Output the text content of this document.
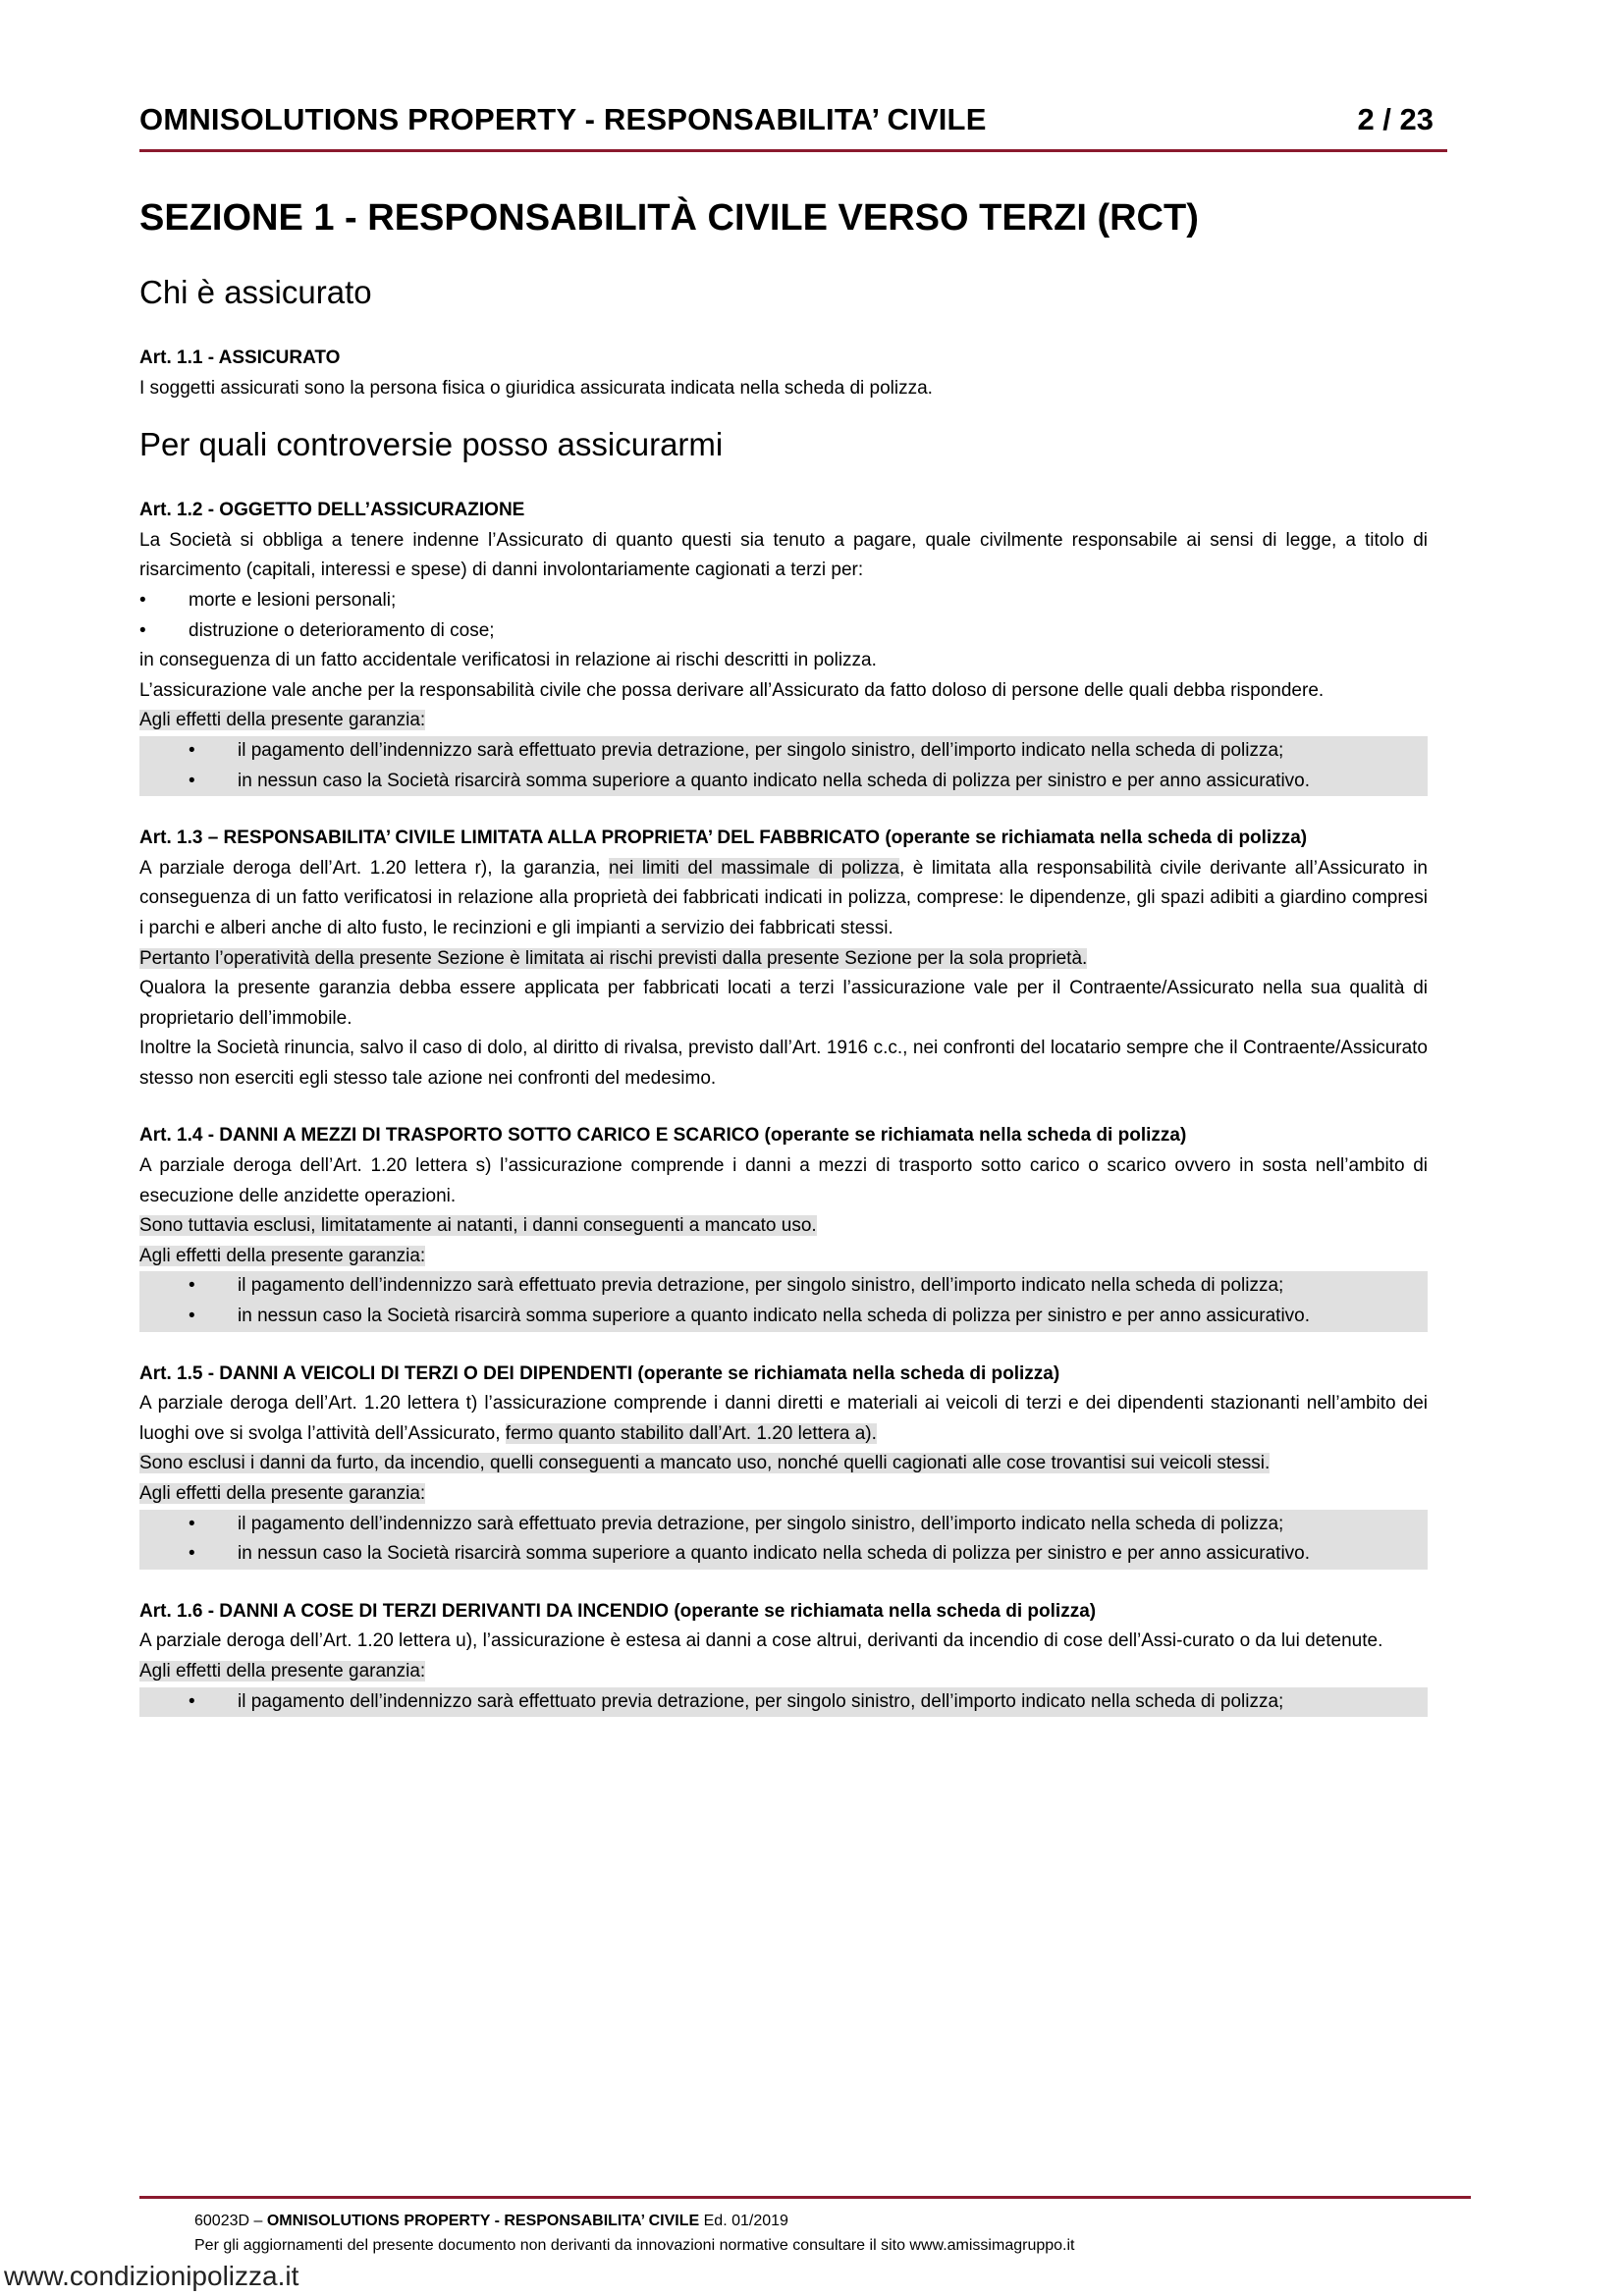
OMNISOLUTIONS PROPERTY - RESPONSABILITA’ CIVILE	2 / 23
SEZIONE 1 - RESPONSABILITÀ CIVILE VERSO TERZI (RCT)
Chi è assicurato
Art. 1.1 - ASSICURATO

I soggetti assicurati sono la persona fisica o giuridica assicurata indicata nella scheda di polizza.

Per quali controversie posso assicurarmi
Art. 1.2 - OGGETTO DELL’ASSICURAZIONE

La Società si obbliga a tenere indenne l’Assicurato di quanto questi sia tenuto a pagare, quale civilmente responsabile ai sensi di legge, a titolo di risarcimento (capitali, interessi e spese) di danni involontariamente cagionati a terzi per:

• morte e lesioni personali;
• distruzione o deterioramento di cose;

in conseguenza di un fatto accidentale verificatosi in relazione ai rischi descritti in polizza.

L’assicurazione vale anche per la responsabilità civile che possa derivare all’Assicurato da fatto doloso di persone delle quali debba rispondere.

Agli effetti della presente garanzia:

• il pagamento dell’indennizzo sarà effettuato previa detrazione, per singolo sinistro, dell’importo indicato nella scheda di polizza;
• in nessun caso la Società risarcirà somma superiore a quanto indicato nella scheda di polizza per sinistro e per anno assicurativo.
Art. 1.3 – RESPONSABILITA’ CIVILE LIMITATA ALLA PROPRIETA’ DEL FABBRICATO (operante se richiamata nella scheda di polizza)

A parziale deroga dell’Art. 1.20 lettera r), la garanzia, nei limiti del massimale di polizza, è limitata alla responsabilità civile derivante all’Assicurato in conseguenza di un fatto verificatosi in relazione alla proprietà dei fabbricati indicati in polizza, comprese: le dipendenze, gli spazi adibiti a giardino compresi i parchi e alberi anche di alto fusto, le recinzioni e gli impianti a servizio dei fabbricati stessi.

Pertanto l’operatività della presente Sezione è limitata ai rischi previsti dalla presente Sezione per la sola proprietà.

Qualora la presente garanzia debba essere applicata per fabbricati locati a terzi l’assicurazione vale per il Contraente/Assicurato nella sua qualità di proprietario dell’immobile.

Inoltre la Società rinuncia, salvo il caso di dolo, al diritto di rivalsa, previsto dall’Art. 1916 c.c., nei confronti del locatario sempre che il Contraente/Assicurato stesso non eserciti egli stesso tale azione nei confronti del medesimo.

Art. 1.4 - DANNI A MEZZI DI TRASPORTO SOTTO CARICO E SCARICO (operante se richiamata nella scheda di polizza)

A parziale deroga dell’Art. 1.20 lettera s) l’assicurazione comprende i danni a mezzi di trasporto sotto carico o scarico ovvero in sosta nell’ambito di esecuzione delle anzidette operazioni.

Sono tuttavia esclusi, limitatamente ai natanti, i danni conseguenti a mancato uso.

Agli effetti della presente garanzia:

• il pagamento dell’indennizzo sarà effettuato previa detrazione, per singolo sinistro, dell’importo indicato nella scheda di polizza;
• in nessun caso la Società risarcirà somma superiore a quanto indicato nella scheda di polizza per sinistro e per anno assicurativo.
Art. 1.5 - DANNI A VEICOLI DI TERZI O DEI DIPENDENTI (operante se richiamata nella scheda di polizza)

A parziale deroga dell’Art. 1.20 lettera t) l’assicurazione comprende i danni diretti e materiali ai veicoli di terzi e dei dipendenti stazionanti nell’ambito dei luoghi ove si svolga l’attività dell’Assicurato, fermo quanto stabilito dall’Art. 1.20 lettera a).

Sono esclusi i danni da furto, da incendio, quelli conseguenti a mancato uso, nonché quelli cagionati alle cose trovantisi sui veicoli stessi.

Agli effetti della presente garanzia:

• il pagamento dell’indennizzo sarà effettuato previa detrazione, per singolo sinistro, dell’importo indicato nella scheda di polizza;
• in nessun caso la Società risarcirà somma superiore a quanto indicato nella scheda di polizza per sinistro e per anno assicurativo.
Art. 1.6 - DANNI A COSE DI TERZI DERIVANTI DA INCENDIO (operante se richiamata nella scheda di polizza)

A parziale deroga dell’Art. 1.20 lettera u), l’assicurazione è estesa ai danni a cose altrui, derivanti da incendio di cose dell’Assi-curato o da lui detenute.

Agli effetti della presente garanzia:

• il pagamento dell’indennizzo sarà effettuato previa detrazione, per singolo sinistro, dell’importo indicato nella scheda di polizza;
60023D – OMNISOLUTIONS PROPERTY - RESPONSABILITA’ CIVILE Ed. 01/2019
Per gli aggiornamenti del presente documento non derivanti da innovazioni normative consultare il sito www.amissimagruppo.it
www.condizionipolizza.it
